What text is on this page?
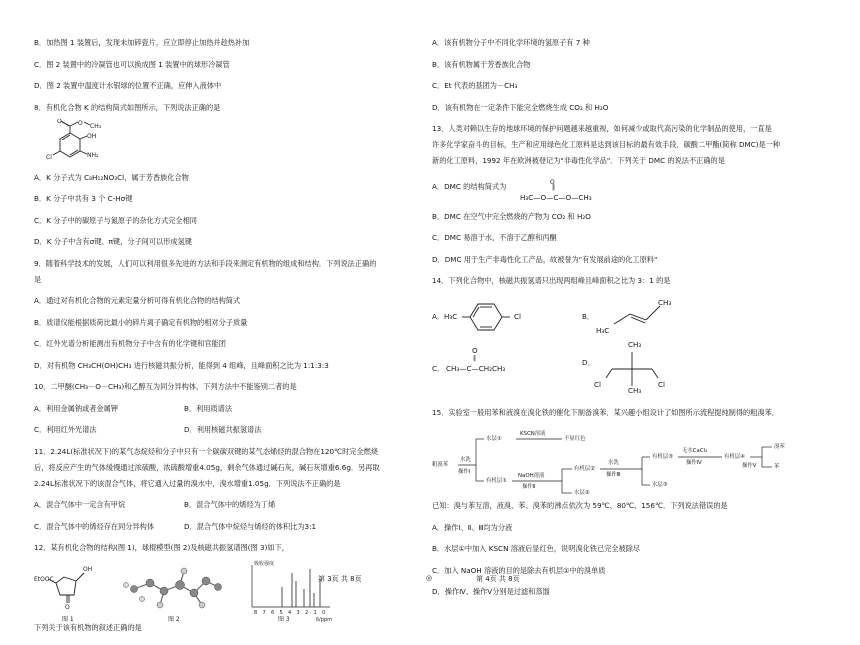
B．加热图 1 装置后，发现未加碎瓷片，应立即停止加热并趁热补加
C．图 2 装置中的冷凝管也可以换成图 1 装置中的球形冷凝管
D．图 2 装置中温度计水银球的位置不正确，应伸入液体中
8．有机化合物 K 的结构简式如图所示，下列说法正确的是
O	O CH₃
OH
NH₂
Cl
A．K 分子式为 C₈H₁₂NO₃Cl，属于芳香族化合物
B．K 分子中共有 3 个 C-Hσ键
C．K 分子中的碳原子与氮原子的杂化方式完全相同
D．K 分子中含有σ键、π键，分子间可以形成氢键
9．随着科学技术的发展，人们可以利用很多先进的方法和手段来测定有机物的组成和结构．下列说法正确的
是
A．通过对有机化合物的元素定量分析可得有机化合物的结构简式
B．质谱仪能根据质荷比最小的碎片离子确定有机物的相对分子质量
C．红外光谱分析能测出有机物分子中含有的化学键和官能团
D．对有机物 CH₃CH(OH)CH₃ 进行核磁共振分析，能得到 4 组峰，且峰面积之比为 1:1:3:3
10．二甲醚(CH₃－O－CH₃)和乙醇互为同分异构体，下列方法中不能鉴别二者的是
A．利用金属钠或者金属钾	B．利用质谱法
C．利用红外光谱法	D．利用核磁共振氢谱法
11．2.24L(标准状况下)的某气态烷烃和分子中只有一个碳碳双键的某气态烯烃的混合物在120℃时完全燃烧
后，将反应产生的气体缓慢通过浓硫酸，浓硫酸增重4.05g，剩余气体通过碱石灰，碱石灰增重6.6g．另再取
2.24L标准状况下的该混合气体，将它通入过量的溴水中，溴水增重1.05g．下列说法不正确的是
A．混合气体中一定含有甲烷	B．混合气体中的烯烃为丁烯
C．混合气体中的烯烃存在同分异构体	D．混合气体中烷烃与烯烃的体积比为3:1
12．某有机化合物的结构(图 1)，球棍模型(图 2)及核磁共振氢谱图(图 3)如下，
OH
EtOOC
O
图 1	图 2
吸收强度
8 7 6 5 4 3 2 1 0
δ/ppm
图 3
下列关于该有机物的叙述正确的是
A．该有机物分子中不同化学环境的氢原子有 7 种
B．该有机物属于芳香族化合物
C．Et 代表的基团为－CH₃
D．该有机物在一定条件下能完全燃烧生成 CO₂ 和 H₂O
13．人类对赖以生存的地球环境的保护问题越来越重视，如何减少或取代高污染的化学制品的使用，一直是
许多化学家奋斗的目标，生产和应用绿色化工原料是达到该目标的最有效手段．碳酸二甲酯(简称 DMC)是一种
新的化工原料，1992 年在欧洲被登记为"非毒性化学品"．下列关于 DMC 的说法不正确的是
A．DMC 的结构简式为	O
‖
H₃C—O—C—O—CH₃
B．DMC 在空气中完全燃烧的产物为 CO₂ 和 H₂O
C．DMC 易溶于水，不溶于乙醇和丙酮
D．DMC 用于生产非毒性化工产品，故被誉为"有发展前途的化工原料"
14．下列化合物中，核磁共振氢谱只出现两组峰且峰面积之比为 3：1 的是
A． H₃C	Cl	B．
CH₃
H₃C
C．
O
‖
CH₃—C—CH₂CH₃
D．
CH₃
CH₃
Cl	Cl
15．实验室一般用苯和液溴在溴化铁的催化下制备溴苯．某兴趣小组设计了如图所示流程提纯制得的粗溴苯．
粗溴苯
水洗
操作Ⅰ
水层①
KSCN溶液
不显红色
有机层①
NaOH溶液
操作Ⅱ
有机层②
水洗
操作Ⅲ
水层②
有机层③
无水CaCl₂
操作Ⅳ
水层③
有机层④
操作Ⅴ
溴苯
苯
已知：溴与苯互溶，液溴、苯、溴苯的沸点依次为 59℃、80℃、156℃．下列说法错误的是
A．操作Ⅰ、Ⅱ、Ⅲ均为分液
B．水层①中加入 KSCN 溶液后显红色，说明溴化铁已完全被除尽
C．加入 NaOH 溶液的目的是除去有机层①中的溴单质
D．操作Ⅳ、操作Ⅴ分别是过滤和蒸馏
第 3页 共 8页	◎	第 4页 共 8页
